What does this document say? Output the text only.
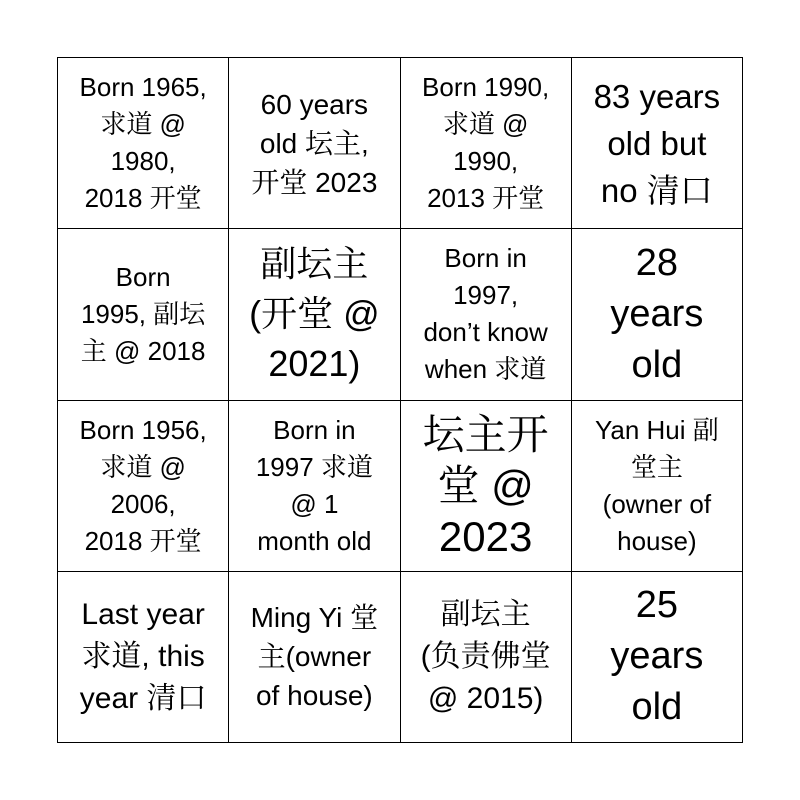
Born 1965,
求道 @
1980,
2018 开堂
60 years
old 坛主,
开堂 2023
Born 1990,
求道 @
1990,
2013 开堂
83 years
old but
no 清口
Born
1995, 副坛
主 @ 2018
副坛主
(开堂 @
2021)
Born in
1997,
don’t know
when 求道
28
years
old
Born 1956,
求道 @
2006,
2018 开堂
Born in
1997 求道
@ 1
month old
坛主开
堂 @
2023
Yan Hui 副
堂主
(owner of
house)
Last year
求道, this
year 清口
Ming Yi 堂
主(owner
of house)
副坛主
(负责佛堂
@ 2015)
25
years
old
